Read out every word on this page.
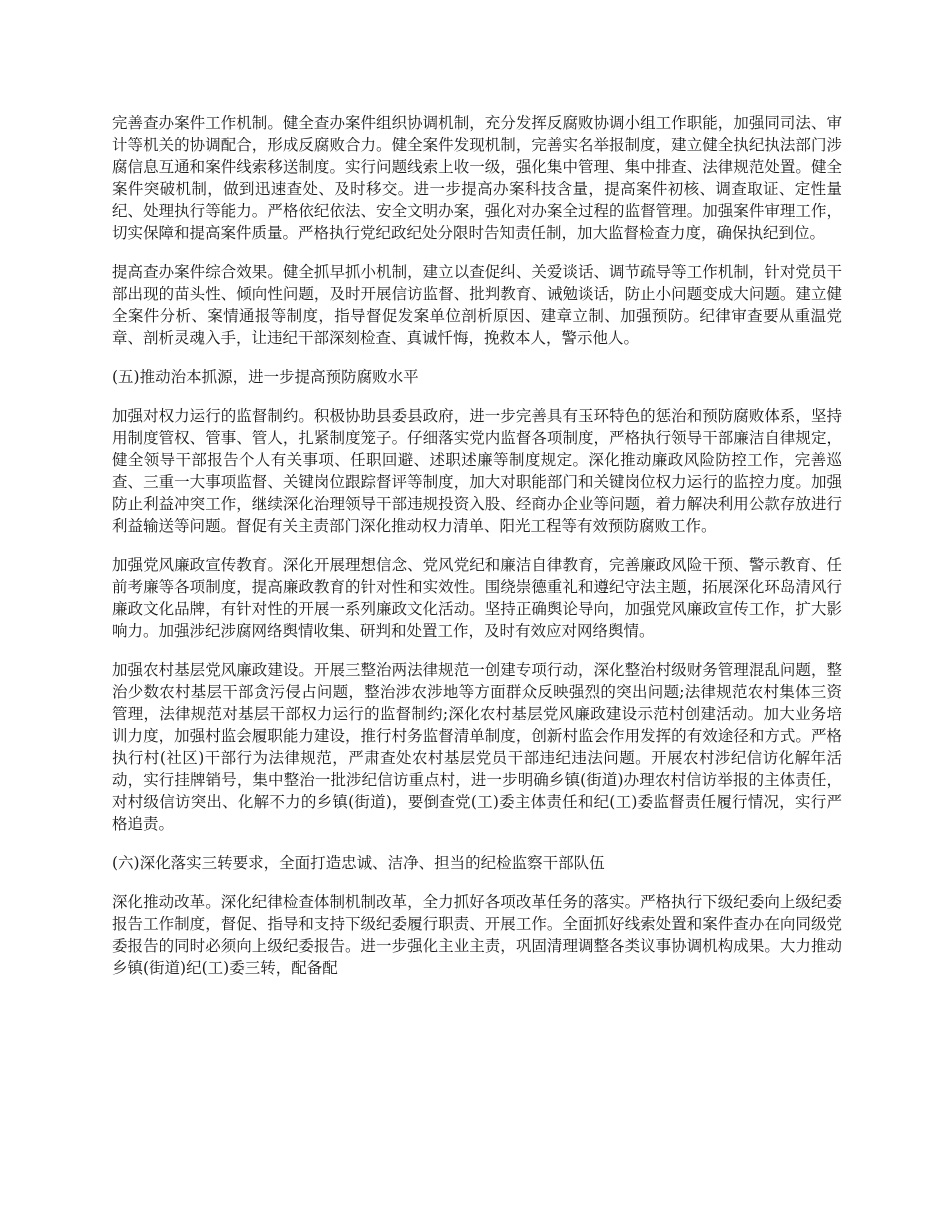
完善查办案件工作机制。健全查办案件组织协调机制，充分发挥反腐败协调小组工作职能，加强同司法、审计等机关的协调配合，形成反腐败合力。健全案件发现机制，完善实名举报制度，建立健全执纪执法部门涉腐信息互通和案件线索移送制度。实行问题线索上收一级，强化集中管理、集中排查、法律规范处置。健全案件突破机制，做到迅速查处、及时移交。进一步提高办案科技含量，提高案件初核、调查取证、定性量纪、处理执行等能力。严格依纪依法、安全文明办案，强化对办案全过程的监督管理。加强案件审理工作，切实保障和提高案件质量。严格执行党纪政纪处分限时告知责任制，加大监督检查力度，确保执纪到位。

提高查办案件综合效果。健全抓早抓小机制，建立以查促纠、关爱谈话、调节疏导等工作机制，针对党员干部出现的苗头性、倾向性问题，及时开展信访监督、批判教育、诫勉谈话，防止小问题变成大问题。建立健全案件分析、案情通报等制度，指导督促发案单位剖析原因、建章立制、加强预防。纪律审查要从重温党章、剖析灵魂入手，让违纪干部深刻检查、真诚忏悔，挽救本人，警示他人。

(五)推动治本抓源，进一步提高预防腐败水平

加强对权力运行的监督制约。积极协助县委县政府，进一步完善具有玉环特色的惩治和预防腐败体系，坚持用制度管权、管事、管人，扎紧制度笼子。仔细落实党内监督各项制度，严格执行领导干部廉洁自律规定，健全领导干部报告个人有关事项、任职回避、述职述廉等制度规定。深化推动廉政风险防控工作，完善巡查、三重一大事项监督、关键岗位跟踪督评等制度，加大对职能部门和关键岗位权力运行的监控力度。加强防止利益冲突工作，继续深化治理领导干部违规投资入股、经商办企业等问题，着力解决利用公款存放进行利益输送等问题。督促有关主责部门深化推动权力清单、阳光工程等有效预防腐败工作。

加强党风廉政宣传教育。深化开展理想信念、党风党纪和廉洁自律教育，完善廉政风险干预、警示教育、任前考廉等各项制度，提高廉政教育的针对性和实效性。围绕崇德重礼和遵纪守法主题，拓展深化环岛清风行廉政文化品牌，有针对性的开展一系列廉政文化活动。坚持正确舆论导向，加强党风廉政宣传工作，扩大影响力。加强涉纪涉腐网络舆情收集、研判和处置工作，及时有效应对网络舆情。

加强农村基层党风廉政建设。开展三整治两法律规范一创建专项行动，深化整治村级财务管理混乱问题，整治少数农村基层干部贪污侵占问题，整治涉农涉地等方面群众反映强烈的突出问题;法律规范农村集体三资管理，法律规范对基层干部权力运行的监督制约;深化农村基层党风廉政建设示范村创建活动。加大业务培训力度，加强村监会履职能力建设，推行村务监督清单制度，创新村监会作用发挥的有效途径和方式。严格执行村(社区)干部行为法律规范，严肃查处农村基层党员干部违纪违法问题。开展农村涉纪信访化解年活动，实行挂牌销号，集中整治一批涉纪信访重点村，进一步明确乡镇(街道)办理农村信访举报的主体责任，对村级信访突出、化解不力的乡镇(街道)，要倒查党(工)委主体责任和纪(工)委监督责任履行情况，实行严格追责。

(六)深化落实三转要求，全面打造忠诚、洁净、担当的纪检监察干部队伍

深化推动改革。深化纪律检查体制机制改革，全力抓好各项改革任务的落实。严格执行下级纪委向上级纪委报告工作制度，督促、指导和支持下级纪委履行职责、开展工作。全面抓好线索处置和案件查办在向同级党委报告的同时必须向上级纪委报告。进一步强化主业主责，巩固清理调整各类议事协调机构成果。大力推动乡镇(街道)纪(工)委三转，配备配
